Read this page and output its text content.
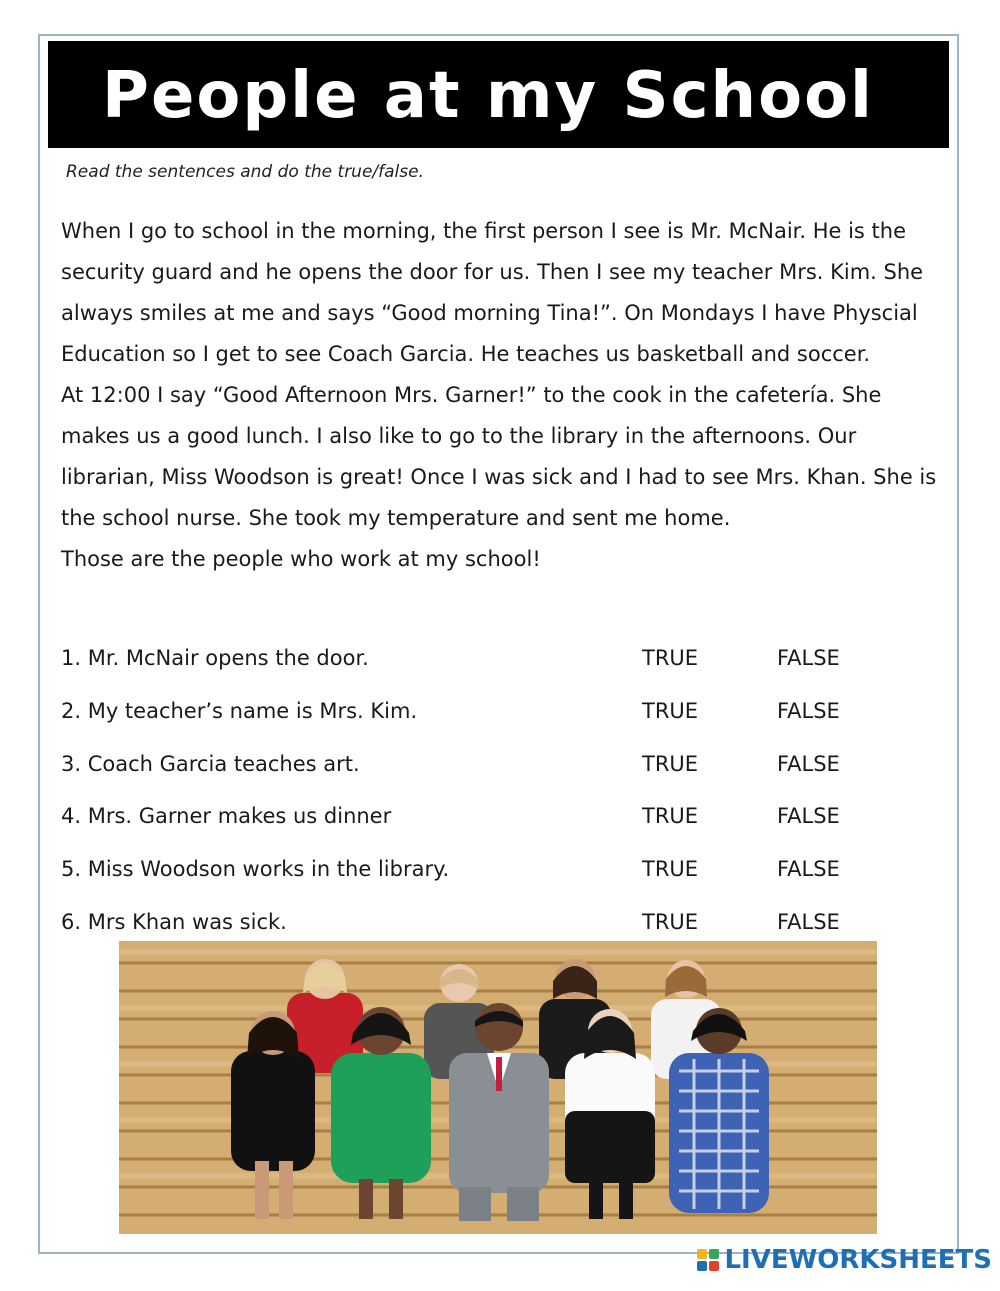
People at my School
Read the sentences and do the true/false.

When I go to school in the morning, the first person I see is Mr. McNair. He is the security guard and he opens the door for us. Then I see my teacher Mrs. Kim. She always smiles at me and says “Good morning Tina!”. On Mondays I have Physcial Education so I get to see Coach Garcia. He teaches us basketball and soccer.

At 12:00 I say “Good Afternoon Mrs. Garner!” to the cook in the cafetería. She makes us a good lunch. I also like to go to the library in the afternoons. Our librarian, Miss Woodson is great! Once I was sick and I had to see Mrs. Khan. She is the school nurse. She took my temperature and sent me home.

Those are the people who work at my school!

1. Mr. McNair opens the door.	TRUE	FALSE
2. My teacher’s name is Mrs. Kim.	TRUE	FALSE
3. Coach Garcia teaches art.	TRUE	FALSE
4. Mrs. Garner makes us dinner	TRUE	FALSE
5. Miss Woodson works in the library.	TRUE	FALSE
6. Mrs Khan was sick.	TRUE	FALSE
LIVEWORKSHEETS
